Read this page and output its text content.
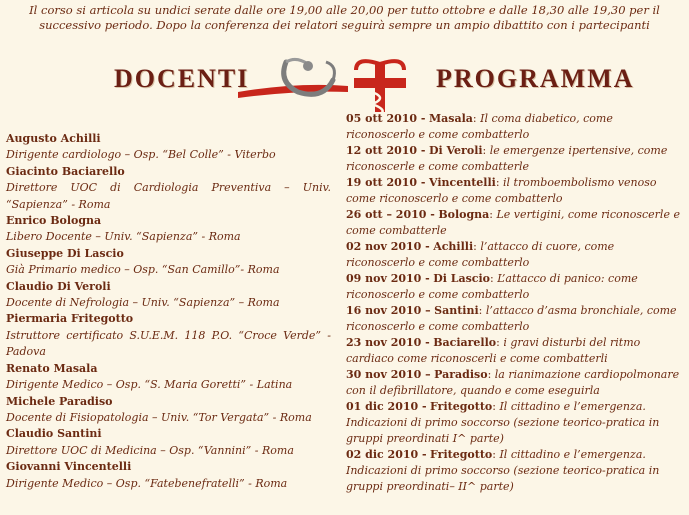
Il corso si articola su undici serate dalle ore 19,00 alle 20,00 per tutto ottobre e dalle 18,30 alle 19,30 per il
successivo periodo. Dopo la conferenza dei relatori seguirà sempre un ampio dibattito con i partecipanti
DOCENTI	PROGRAMMA
Augusto Achilli
Dirigente cardiologo – Osp. “Bel Colle” - Viterbo
Giacinto Baciarello
Direttore UOC di Cardiologia Preventiva – Univ. “Sapienza” - Roma
Enrico Bologna
Libero Docente – Univ. “Sapienza” - Roma
Giuseppe Di Lascio
Già Primario medico – Osp. “San Camillo”- Roma
Claudio Di Veroli
Docente di Nefrologia – Univ. “Sapienza” – Roma
Piermaria Fritegotto
Istruttore certificato S.U.E.M. 118 P.O. “Croce Verde” - Padova
Renato Masala
Dirigente Medico – Osp. “S. Maria Goretti” - Latina
Michele Paradiso
Docente di Fisiopatologia – Univ. “Tor Vergata” - Roma
Claudio Santini
Direttore UOC di Medicina – Osp. “Vannini” - Roma
Giovanni Vincentelli
Dirigente Medico – Osp. “Fatebenefratelli” - Roma
05 ott 2010 - Masala: Il coma diabetico, come riconoscerlo e come combatterlo
12 ott 2010 - Di Veroli: le emergenze ipertensive, come riconoscerle e come combatterle
19 ott 2010 - Vincentelli: il tromboembolismo venoso come riconoscerlo e come combatterlo
26 ott – 2010 - Bologna: Le vertigini, come riconoscerle e come combatterle
02 nov 2010 - Achilli: l’attacco di cuore, come riconoscerlo e come combatterlo
09 nov 2010 - Di Lascio: L’attacco di panico: come riconoscerlo e come combatterlo
16 nov 2010 – Santini: l’attacco d’asma bronchiale, come riconoscerlo e come combatterlo
23 nov 2010 - Baciarello: i gravi disturbi del ritmo cardiaco come riconoscerli e come combatterli
30 nov 2010 – Paradiso: la rianimazione cardiopolmonare con il defibrillatore, quando e come eseguirla
01 dic 2010 - Fritegotto: Il cittadino e l’emergenza. Indicazioni di primo soccorso (sezione teorico-pratica in gruppi preordinati I^ parte)
02 dic 2010 - Fritegotto: Il cittadino e l’emergenza. Indicazioni di primo soccorso (sezione teorico-pratica in gruppi preordinati– II^ parte)
